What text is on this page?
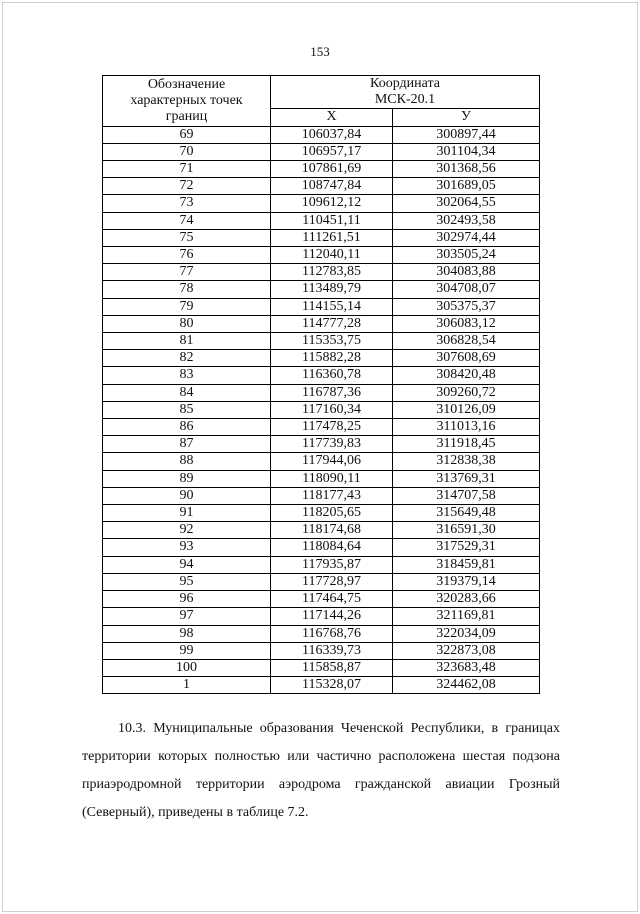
153
Обозначение
характерных точек
границ	Координата
МСК-20.1	
	Х	У
69	106037,84	300897,44
70	106957,17	301104,34
71	107861,69	301368,56
72	108747,84	301689,05
73	109612,12	302064,55
74	110451,11	302493,58
75	111261,51	302974,44
76	112040,11	303505,24
77	112783,85	304083,88
78	113489,79	304708,07
79	114155,14	305375,37
80	114777,28	306083,12
81	115353,75	306828,54
82	115882,28	307608,69
83	116360,78	308420,48
84	116787,36	309260,72
85	117160,34	310126,09
86	117478,25	311013,16
87	117739,83	311918,45
88	117944,06	312838,38
89	118090,11	313769,31
90	118177,43	314707,58
91	118205,65	315649,48
92	118174,68	316591,30
93	118084,64	317529,31
94	117935,87	318459,81
95	117728,97	319379,14
96	117464,75	320283,66
97	117144,26	321169,81
98	116768,76	322034,09
99	116339,73	322873,08
100	115858,87	323683,48
1	115328,07	324462,08
10.3. Муниципальные образования Чеченской Республики, в границах территории которых полностью или частично расположена шестая подзона приаэродромной территории аэродрома гражданской авиации Грозный (Северный), приведены в таблице 7.2.
